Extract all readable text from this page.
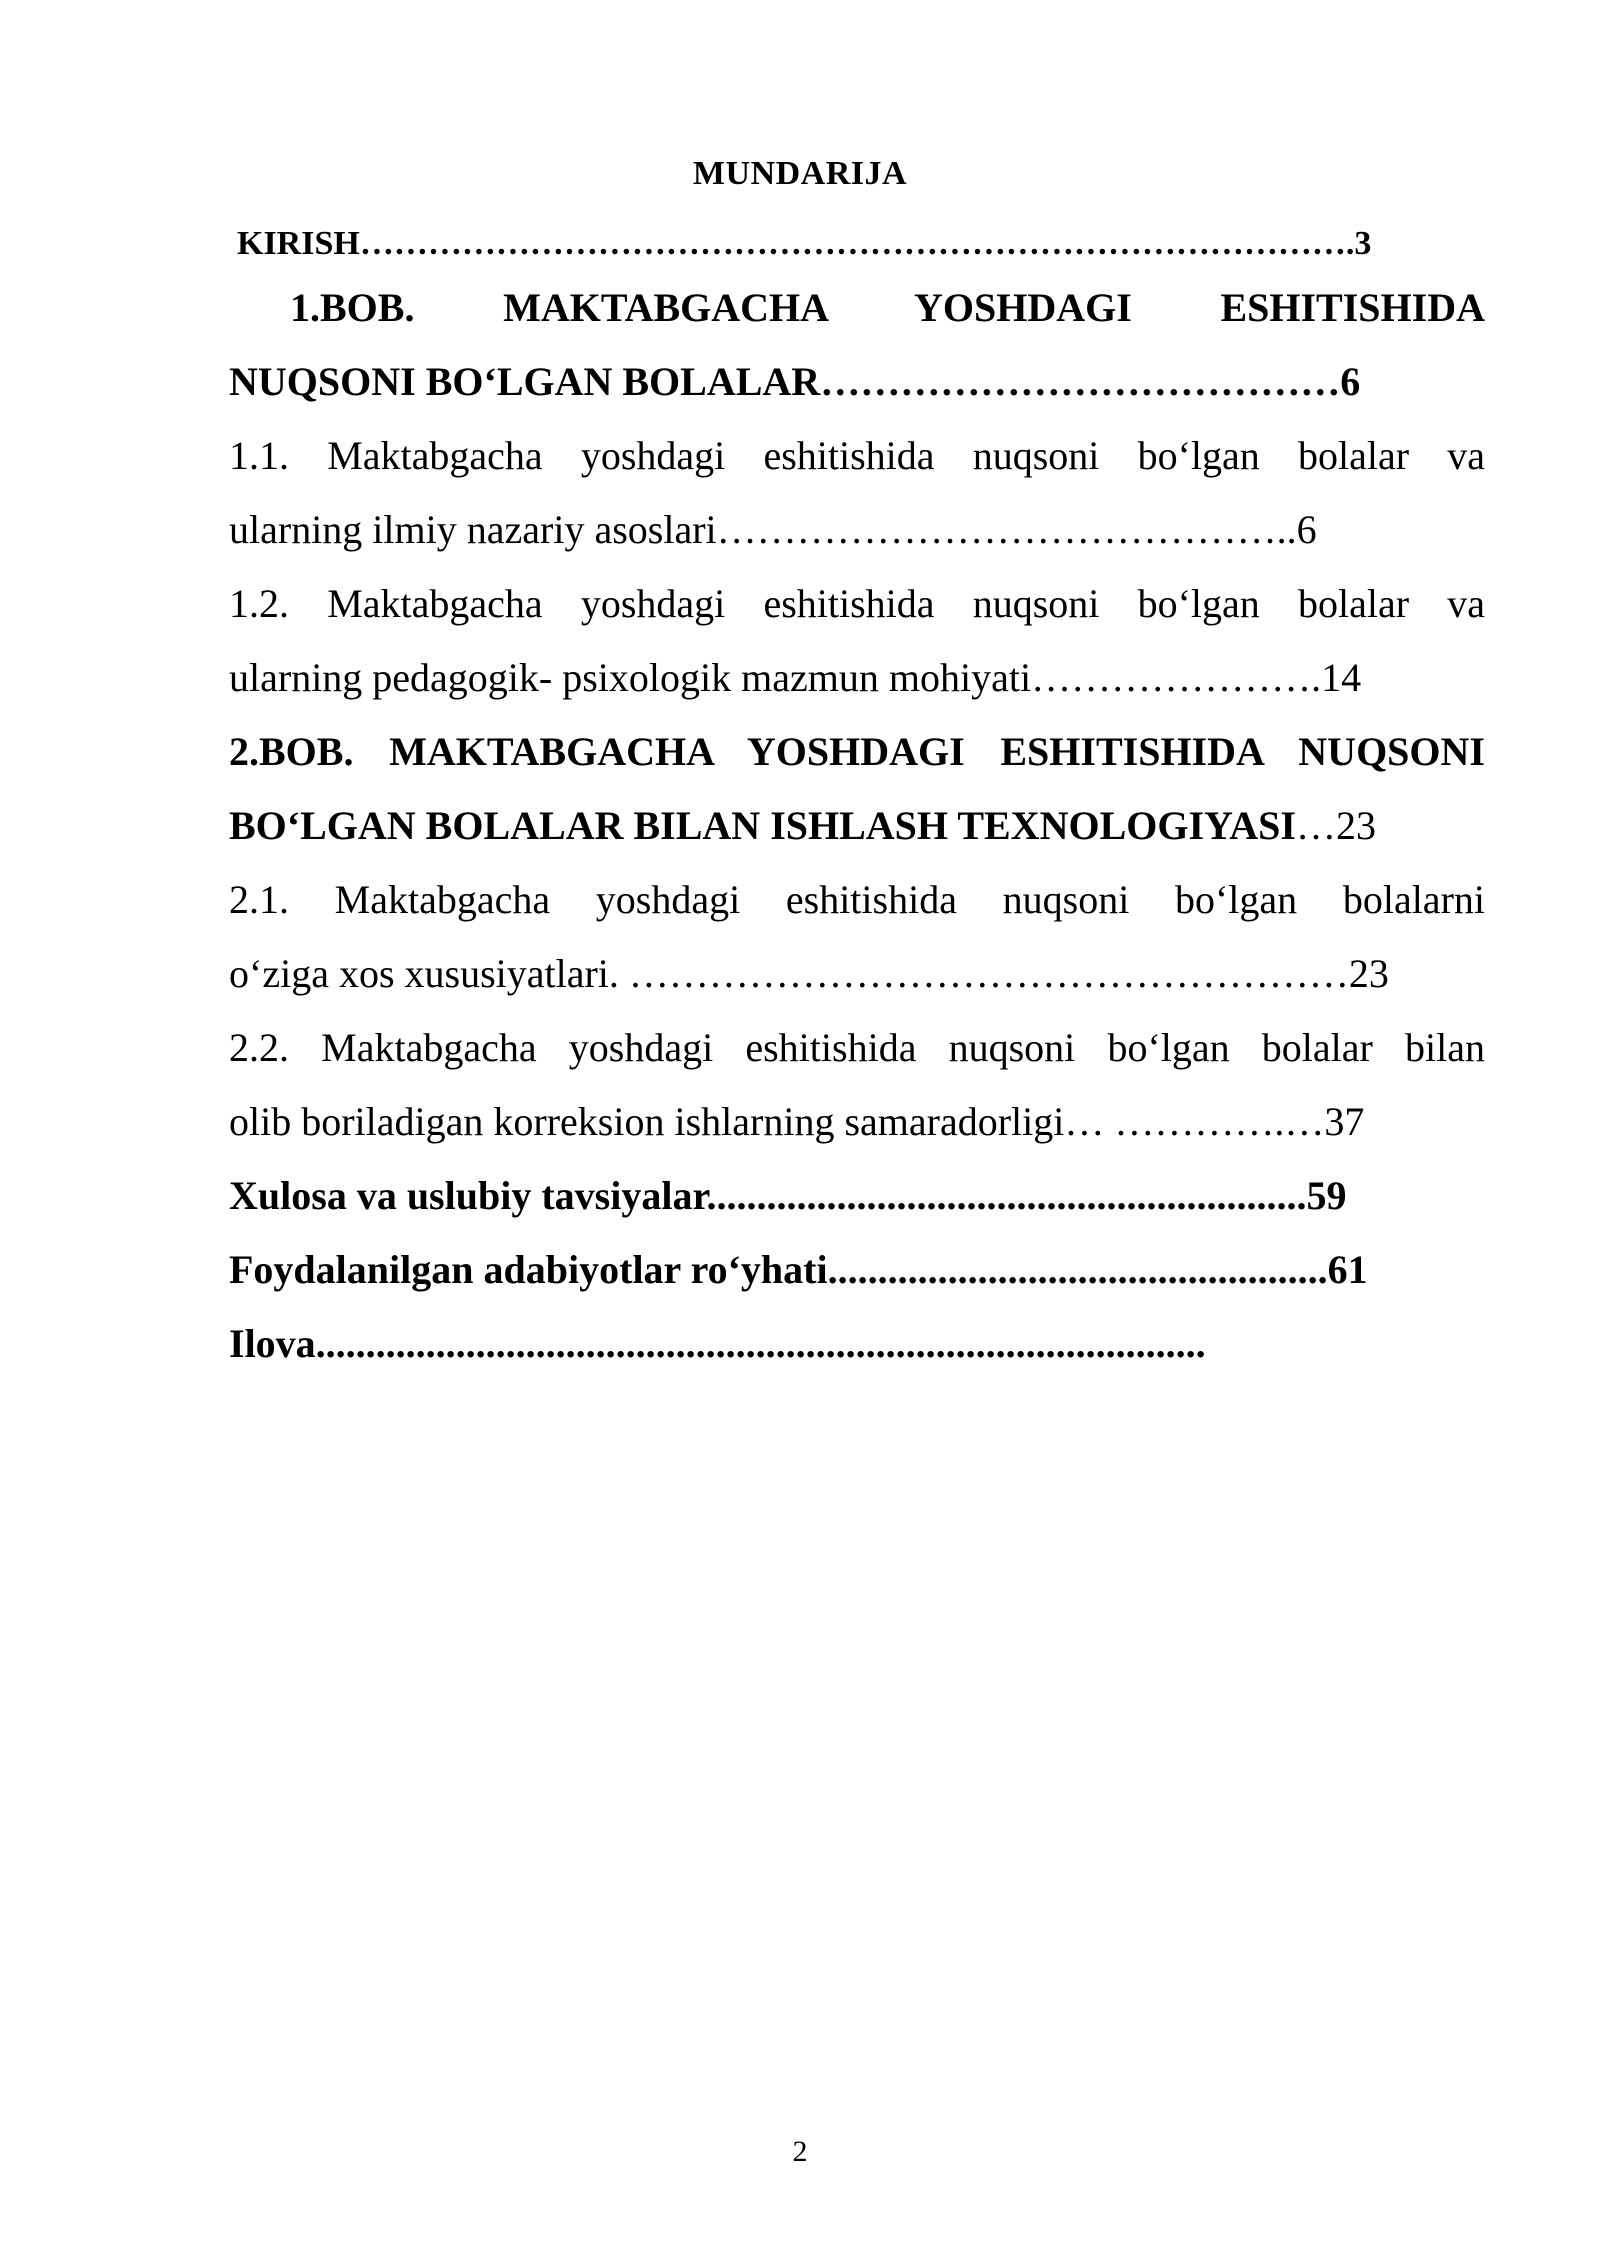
MUNDARIJA
KIRISH…………………………………………………………………………….3
1.BOB. MAKTABGACHA YOSHDAGI ESHITISHIDA
NUQSONI BO‘LGAN BOLALAR…………………………………6
1.1. Maktabgacha yoshdagi eshitishida nuqsoni bo‘lgan bolalar va
ularning ilmiy nazariy asoslari……………………………………..6
1.2. Maktabgacha yoshdagi eshitishida nuqsoni bo‘lgan bolalar va
ularning pedagogik- psixologik mazmun mohiyati………………….14
2.BOB. MAKTABGACHA YOSHDAGI ESHITISHIDA NUQSONI
BO‘LGAN BOLALAR BILAN ISHLASH TEXNOLOGIYASI…23
2.1. Maktabgacha yoshdagi eshitishida nuqsoni bo‘lgan bolalarni
o‘ziga xos xususiyatlari. ………………………………………………23
2.2. Maktabgacha yoshdagi eshitishida nuqsoni bo‘lgan bolalar bilan
olib boriladigan korreksion ishlarning samaradorligi… ………….…37
Xulosa va uslubiy tavsiyalar............................................................59
Foydalanilgan adabiyotlar ro‘yhati..................................................61
Ilova.........................................................................................
2
